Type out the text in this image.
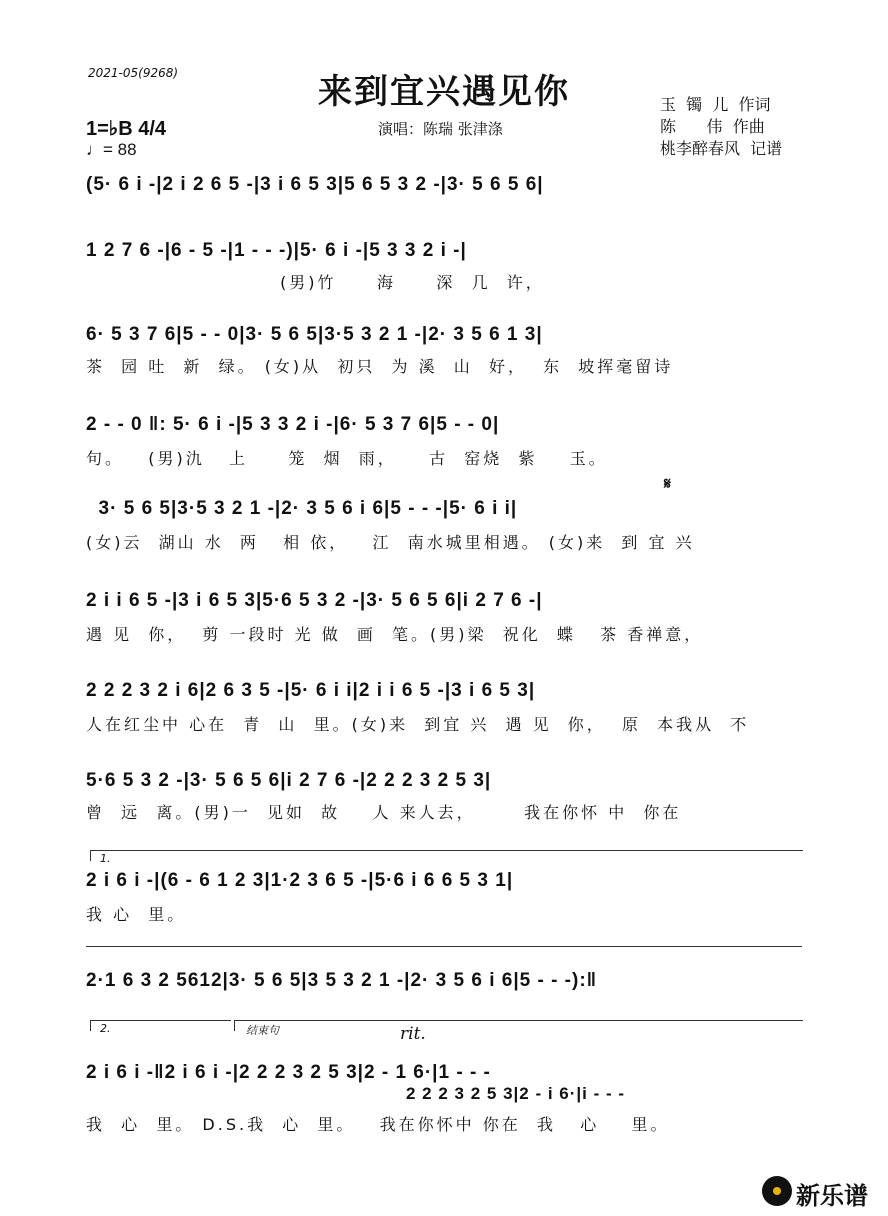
2021-05(9268)	来到宜兴遇见你
1=♭B 4/4
♩= 88
演唱：陈瑞 张津涤
玉  镯  儿  作词
陈      伟  作曲
桃李醉春风  记谱
(5· 6 i -|2 i 2 6 5 -|3 i 6 5 3|5 6 5 3 2 -|3· 5 6 5 6|
1 2 7 6 -|6 - 5 -|1 - - -)|5· 6 i -|5 3 3 2 i -|
(男)竹     海     深  几  许，
6· 5 3 7 6|5 - - 0|3· 5 6 5|3·5 3 2 1 -|2· 3 5 6 1 3|
茶  园 吐  新  绿。 (女)从  初只  为 溪  山  好，  东  坡挥毫留诗
2 - - 0 ‖: 5· 6 i -|5 3 3 2 i -|6· 5 3 7 6|5 - - 0|
句。   (男)氿   上     笼  烟  雨，    古  窑烧  紫    玉。
𝄋
3· 5 6 5|3·5 3 2 1 -|2· 3 5 6 i 6|5 - - -|5· 6 i i|
(女)云  湖山 水  两   相 依，   江  南水城里相遇。 (女)来  到 宜 兴
2 i i 6 5 -|3 i 6 5 3|5·6 5 3 2 -|3· 5 6 5 6|i 2 7 6 -|
遇 见  你，  剪 一段时 光 做  画  笔。(男)梁  祝化  蝶   茶 香禅意，
2 2 2 3 2 i 6|2 6 3 5 -|5· 6 i i|2 i i 6 5 -|3 i 6 5 3|
人在红尘中 心在  青  山  里。(女)来  到宜 兴  遇 见  你，  原  本我从  不
5·6 5 3 2 -|3· 5 6 5 6|i 2 7 6 -|2 2 2 3 2 5 3|
曾  远  离。(男)一  见如  故    人 来人去，      我在你怀 中  你在
1.
2 i 6 i -|(6 - 6 1 2 3|1·2 3 6 5 -|5·6 i 6 6 5 3 1|
我 心  里。
2·1 6 3 2 5612|3· 5 6 5|3 5 3 2 1 -|2· 3 5 6 i 6|5 - - -):‖
2.	结束句	rit.
2 i 6 i -‖2 i 6 i -|2 2 2 3 2 5 3|2 - 1 6·|1 - - -
2 2 2 3 2 5 3|2 - i 6·|i - - -
我  心  里。 D.S.我  心  里。   我在你怀中 你在  我   心    里。
新乐谱
